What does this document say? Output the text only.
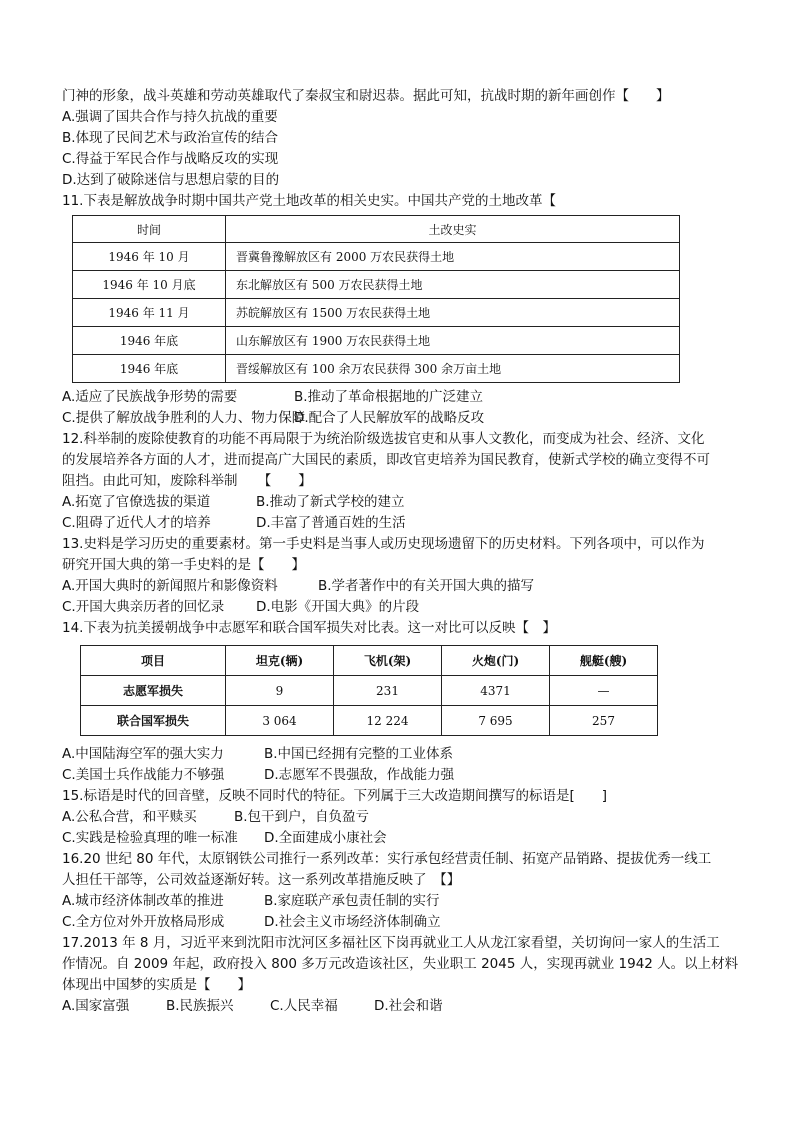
门神的形象，战斗英雄和劳动英雄取代了秦叔宝和尉迟恭。据此可知，抗战时期的新年画创作【　　】
A.强调了国共合作与持久抗战的重要
B.体现了民间艺术与政治宣传的结合
C.得益于军民合作与战略反攻的实现
D.达到了破除迷信与思想启蒙的目的
11.下表是解放战争时期中国共产党土地改革的相关史实。中国共产党的土地改革【
时间	土改史实
1946 年 10 月	晋冀鲁豫解放区有 2000 万农民获得土地
1946 年 10 月底	东北解放区有 500 万农民获得土地
1946 年 11 月	苏皖解放区有 1500 万农民获得土地
1946 年底	山东解放区有 1900 万农民获得土地
1946 年底	晋绥解放区有 100 余万农民获得 300 余万亩土地
A.适应了民族战争形势的需要	B.推动了革命根据地的广泛建立
C.提供了解放战争胜利的人力、物力保障
D.配合了人民解放军的战略反攻
12.科举制的废除使教育的功能不再局限于为统治阶级选拔官吏和从事人文教化，而变成为社会、经济、文化
的发展培养各方面的人才，进而提高广大国民的素质，即改官吏培养为国民教育，使新式学校的确立变得不可
阻挡。由此可知，废除科举制　　【　　】
A.拓宽了官僚选拔的渠道	B.推动了新式学校的建立
C.阻碍了近代人才的培养	D.丰富了普通百姓的生活
13.史料是学习历史的重要素材。第一手史料是当事人或历史现场遗留下的历史材料。下列各项中，可以作为
研究开国大典的第一手史料的是【　　】
A.开国大典时的新闻照片和影像资料	B.学者著作中的有关开国大典的描写
C.开国大典亲历者的回忆录	D.电影《开国大典》的片段
14.下表为抗美援朝战争中志愿军和联合国军损失对比表。这一对比可以反映【　】
项目	坦克(辆)	飞机(架)	火炮(门)	舰艇(艘)
志愿军损失	9	231	4371	—
联合国军损失	3 064	12 224	7 695	257
A.中国陆海空军的强大实力	B.中国已经拥有完整的工业体系
C.美国士兵作战能力不够强	D.志愿军不畏强敌，作战能力强
15.标语是时代的回音壁，反映不同时代的特征。下列属于三大改造期间撰写的标语是[　　]
A.公私合营，和平赎买	B.包干到户，自负盈亏
C.实践是检验真理的唯一标准	D.全面建成小康社会
16.20 世纪 80 年代，太原钢铁公司推行一系列改革：实行承包经营责任制、拓宽产品销路、提拔优秀一线工
人担任干部等，公司效益逐渐好转。这一系列改革措施反映了　【】
A.城市经济体制改革的推进	B.家庭联产承包责任制的实行
C.全方位对外开放格局形成	D.社会主义市场经济体制确立
17.2013 年 8 月，习近平来到沈阳市沈河区多福社区下岗再就业工人从龙江家看望，关切询问一家人的生活工
作情况。自 2009 年起，政府投入 800 多万元改造该社区，失业职工 2045 人，实现再就业 1942 人。以上材料
体现出中国梦的实质是【　　】
A.国家富强	B.民族振兴	C.人民幸福	D.社会和谐
